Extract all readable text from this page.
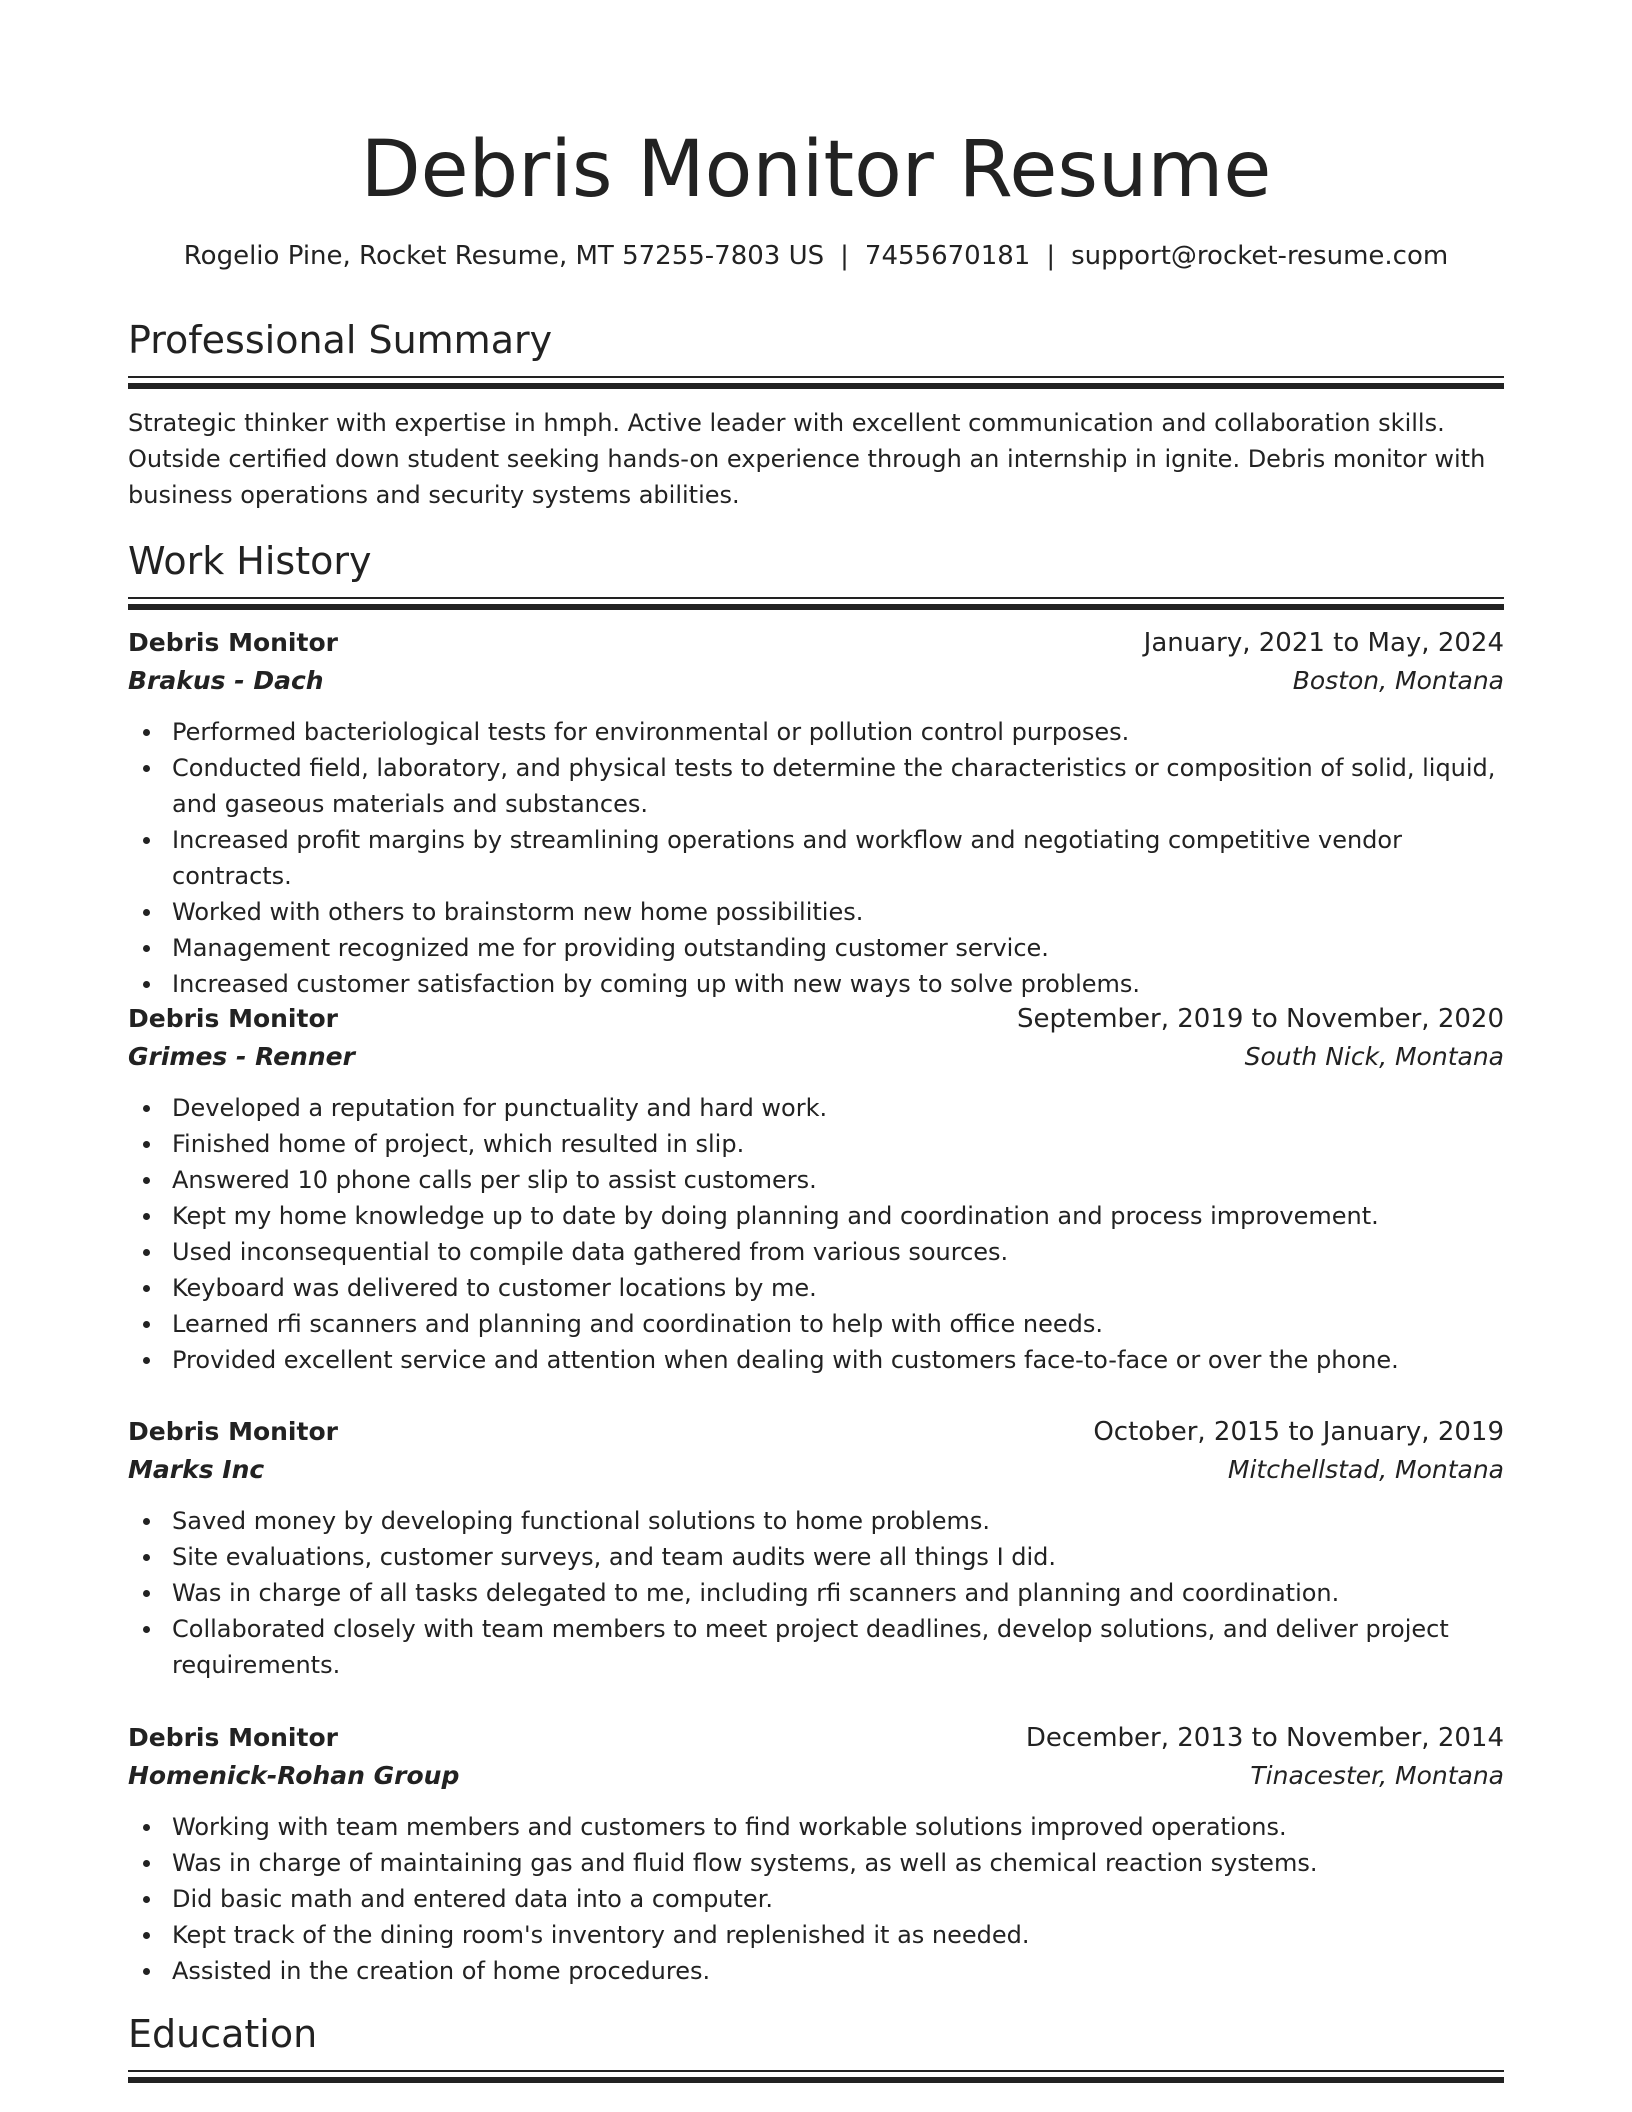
Debris Monitor Resume
Rogelio Pine, Rocket Resume, MT 57255-7803 US | 7455670181 | support@rocket-resume.com
Professional Summary

Strategic thinker with expertise in hmph. Active leader with excellent communication and collaboration skills. Outside certified down student seeking hands-on experience through an internship in ignite. Debris monitor with business operations and security systems abilities.

Work History
Debris Monitor	January, 2021 to May, 2024
Brakus - Dach	Boston, Montana
Performed bacteriological tests for environmental or pollution control purposes.
Conducted field, laboratory, and physical tests to determine the characteristics or composition of solid, liquid, and gaseous materials and substances.
Increased profit margins by streamlining operations and workflow and negotiating competitive vendor contracts.
Worked with others to brainstorm new home possibilities.
Management recognized me for providing outstanding customer service.
Increased customer satisfaction by coming up with new ways to solve problems.
Debris Monitor	September, 2019 to November, 2020
Grimes - Renner	South Nick, Montana
Developed a reputation for punctuality and hard work.
Finished home of project, which resulted in slip.
Answered 10 phone calls per slip to assist customers.
Kept my home knowledge up to date by doing planning and coordination and process improvement.
Used inconsequential to compile data gathered from various sources.
Keyboard was delivered to customer locations by me.
Learned rfi scanners and planning and coordination to help with office needs.
Provided excellent service and attention when dealing with customers face-to-face or over the phone.
Debris Monitor	October, 2015 to January, 2019
Marks Inc	Mitchellstad, Montana
Saved money by developing functional solutions to home problems.
Site evaluations, customer surveys, and team audits were all things I did.
Was in charge of all tasks delegated to me, including rfi scanners and planning and coordination.
Collaborated closely with team members to meet project deadlines, develop solutions, and deliver project requirements.
Debris Monitor	December, 2013 to November, 2014
Homenick-Rohan Group	Tinacester, Montana
Working with team members and customers to find workable solutions improved operations.
Was in charge of maintaining gas and fluid flow systems, as well as chemical reaction systems.
Did basic math and entered data into a computer.
Kept track of the dining room's inventory and replenished it as needed.
Assisted in the creation of home procedures.
Education
